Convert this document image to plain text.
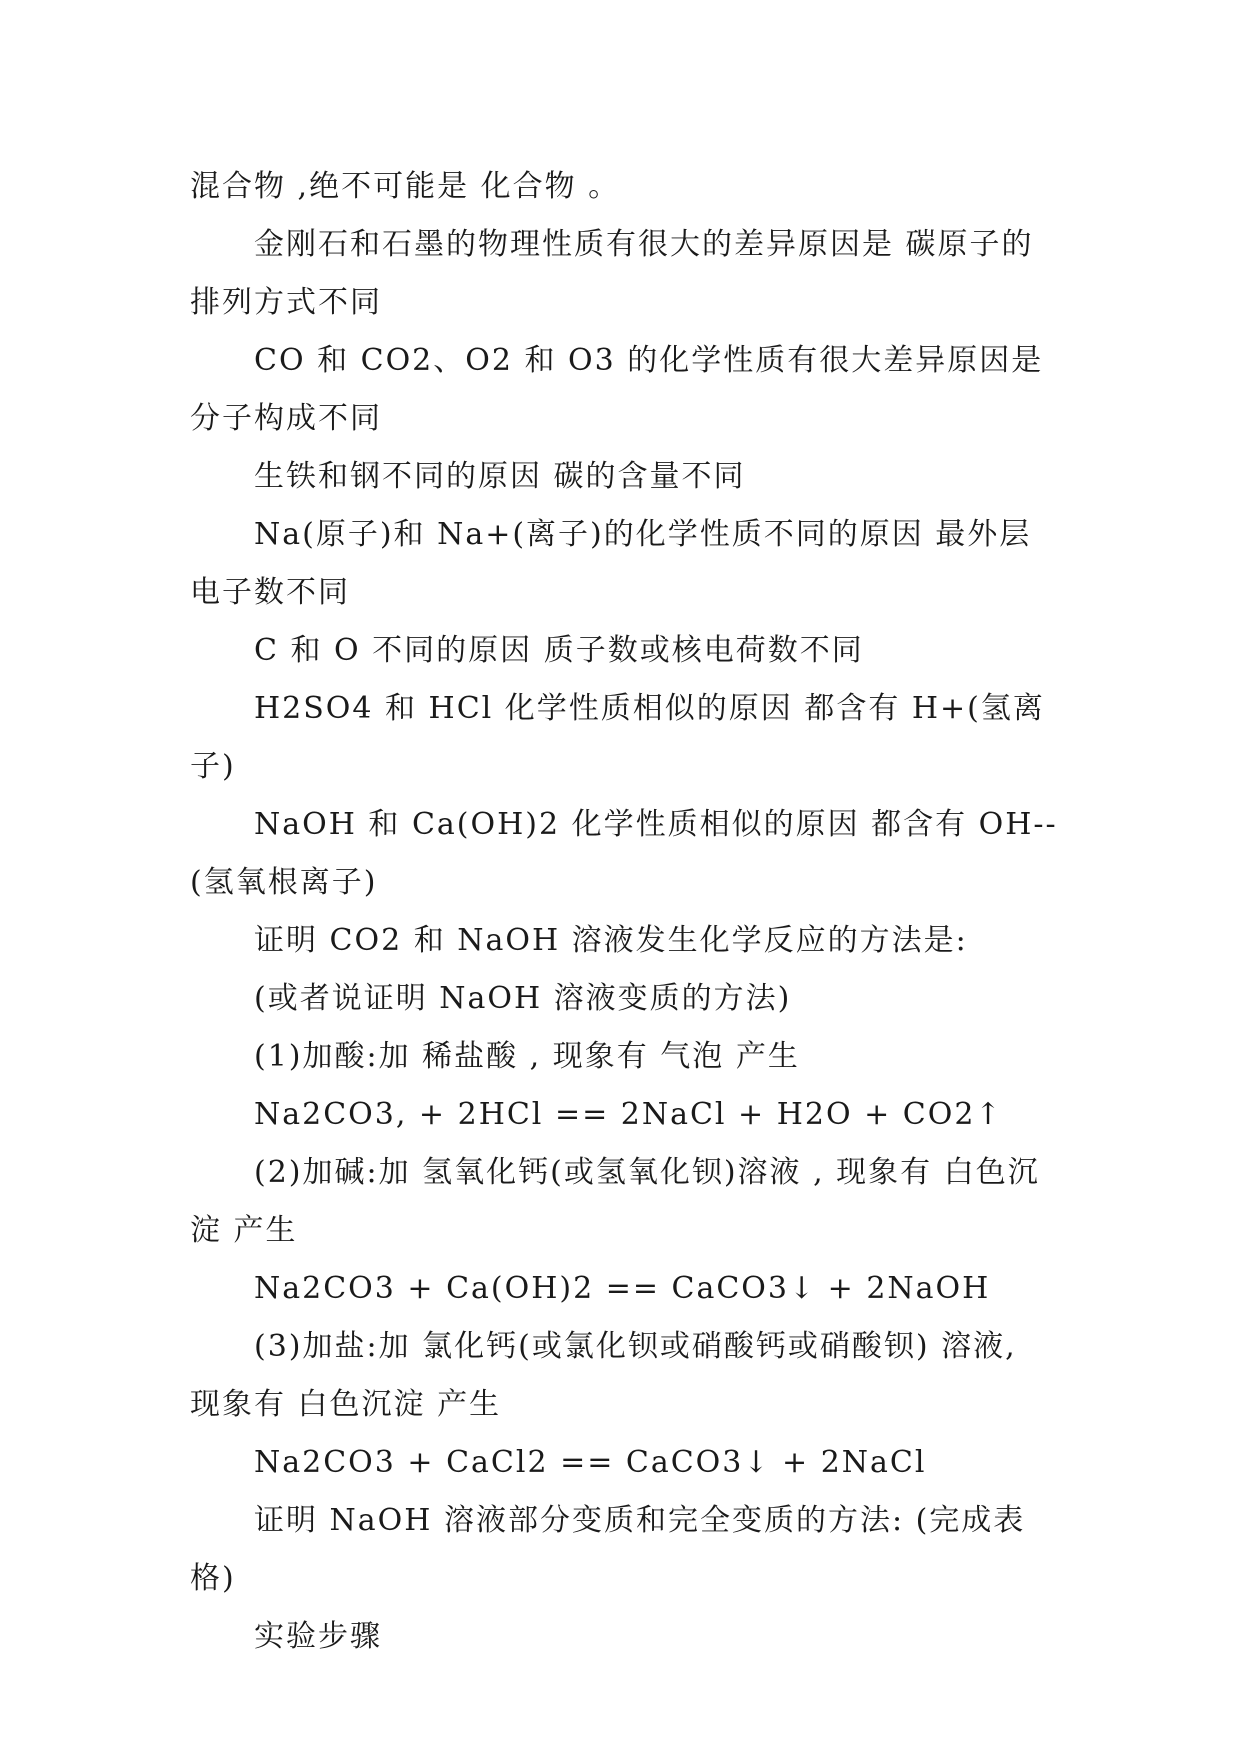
混合物 ,绝不可能是 化合物 。

金刚石和石墨的物理性质有很大的差异原因是 碳原子的排列方式不同

CO 和 CO2、O2 和 O3 的化学性质有很大差异原因是 分子构成不同

生铁和钢不同的原因 碳的含量不同

Na(原子)和 Na+(离子)的化学性质不同的原因 最外层电子数不同

C 和 O 不同的原因 质子数或核电荷数不同

H2SO4 和 HCl 化学性质相似的原因 都含有 H+(氢离子)

NaOH 和 Ca(OH)2 化学性质相似的原因 都含有 OH--(氢氧根离子)

证明 CO2 和 NaOH 溶液发生化学反应的方法是:

(或者说证明 NaOH 溶液变质的方法)

(1)加酸:加 稀盐酸 , 现象有 气泡 产生

Na2CO3, + 2HCl == 2NaCl + H2O + CO2↑

(2)加碱:加 氢氧化钙(或氢氧化钡)溶液 , 现象有 白色沉淀 产生

Na2CO3 + Ca(OH)2 == CaCO3↓ + 2NaOH

(3)加盐:加 氯化钙(或氯化钡或硝酸钙或硝酸钡) 溶液, 现象有 白色沉淀 产生

Na2CO3 + CaCl2 == CaCO3↓ + 2NaCl

证明 NaOH 溶液部分变质和完全变质的方法: (完成表格)

实验步骤
